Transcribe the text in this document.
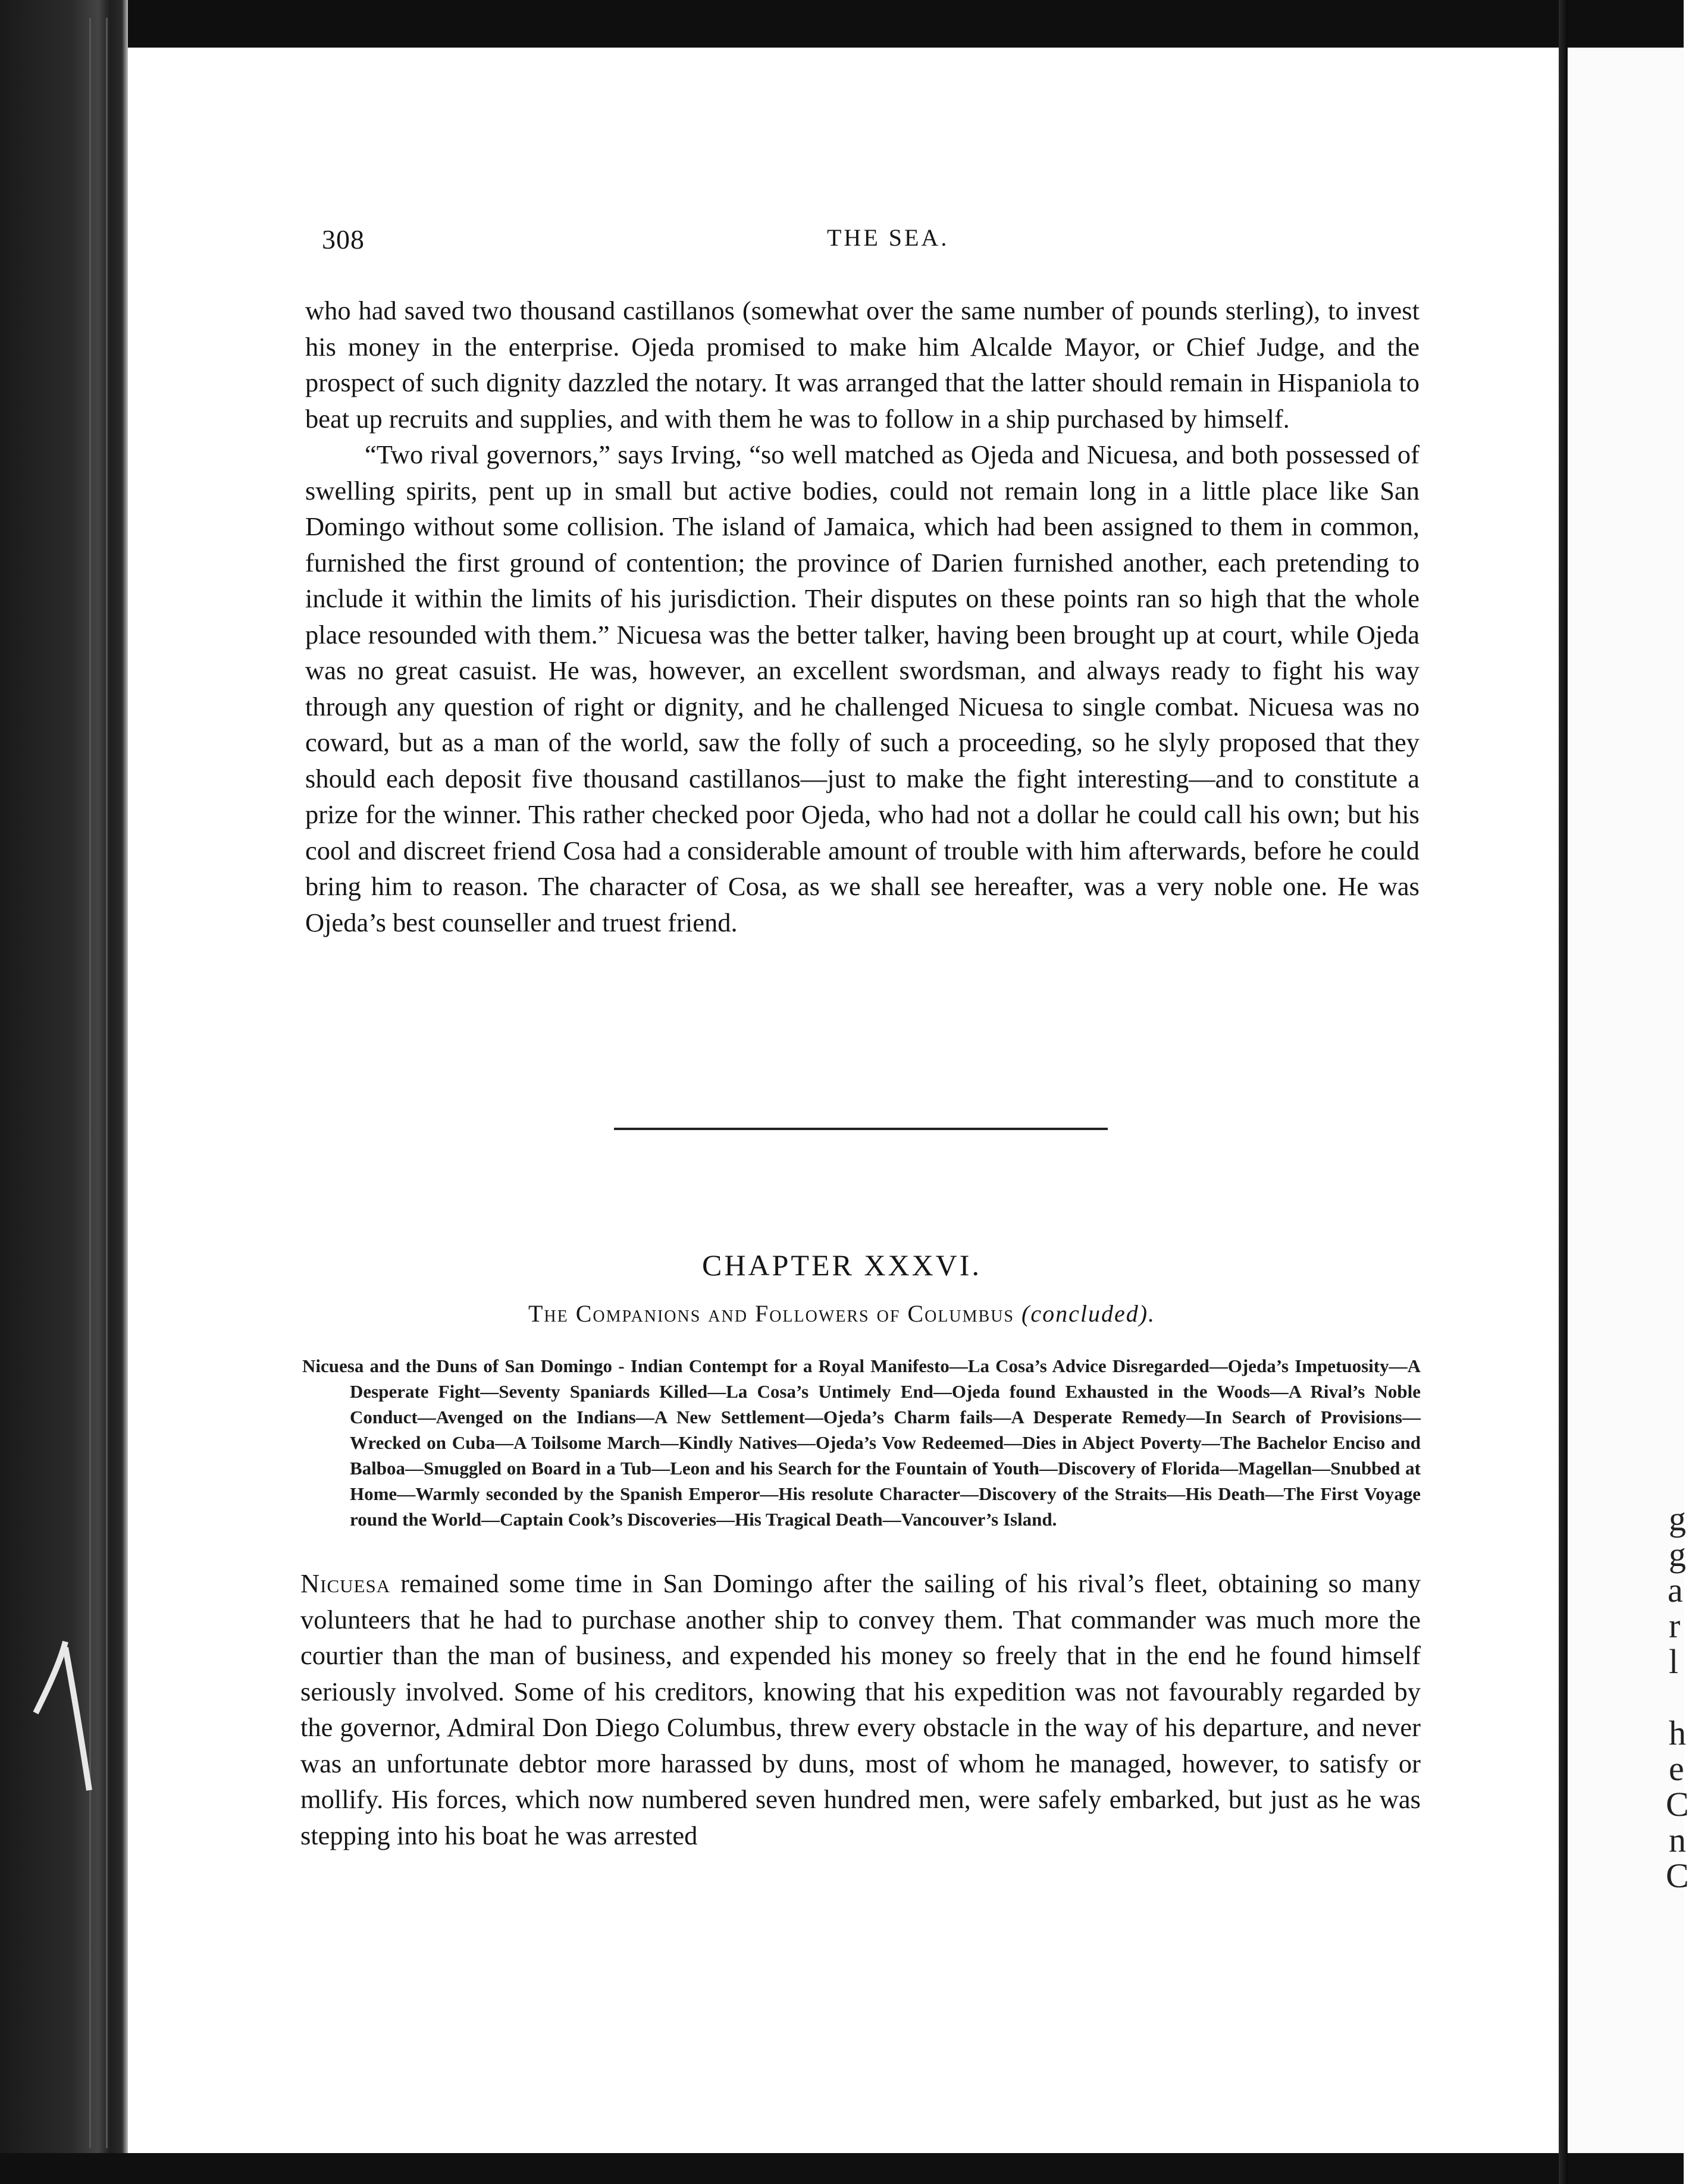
g
g
a
r
l
h
e
C
n
C
308	THE SEA.

who had saved two thousand castillanos (somewhat over the same number of pounds sterling), to invest his money in the enterprise. Ojeda promised to make him Alcalde Mayor, or Chief Judge, and the prospect of such dignity dazzled the notary. It was arranged that the latter should remain in Hispaniola to beat up recruits and supplies, and with them he was to follow in a ship purchased by himself.

“Two rival governors,” says Irving, “so well matched as Ojeda and Nicuesa, and both possessed of swelling spirits, pent up in small but active bodies, could not remain long in a little place like San Domingo without some collision. The island of Jamaica, which had been assigned to them in common, furnished the first ground of contention; the province of Darien furnished another, each pretending to include it within the limits of his jurisdiction. Their disputes on these points ran so high that the whole place resounded with them.” Nicuesa was the better talker, having been brought up at court, while Ojeda was no great casuist. He was, however, an excellent swordsman, and always ready to fight his way through any question of right or dignity, and he challenged Nicuesa to single combat. Nicuesa was no coward, but as a man of the world, saw the folly of such a proceeding, so he slyly proposed that they should each deposit five thousand castillanos—just to make the fight interesting—and to constitute a prize for the winner. This rather checked poor Ojeda, who had not a dollar he could call his own; but his cool and discreet friend Cosa had a considerable amount of trouble with him afterwards, before he could bring him to reason. The character of Cosa, as we shall see hereafter, was a very noble one. He was Ojeda’s best counseller and truest friend.

CHAPTER XXXVI.
The Companions and Followers of Columbus (concluded).
Nicuesa and the Duns of San Domingo - Indian Contempt for a Royal Manifesto—La Cosa’s Advice Disregarded—Ojeda’s Impetuosity—A Desperate Fight—Seventy Spaniards Killed—La Cosa’s Untimely End—Ojeda found Exhausted in the Woods—A Rival’s Noble Conduct—Avenged on the Indians—A New Settlement—Ojeda’s Charm fails—A Desperate Remedy—In Search of Provisions—Wrecked on Cuba—A Toilsome March—Kindly Natives—Ojeda’s Vow Redeemed—Dies in Abject Poverty—The Bachelor Enciso and Balboa—Smuggled on Board in a Tub—Leon and his Search for the Fountain of Youth—Discovery of Florida—Magellan—Snubbed at Home—Warmly seconded by the Spanish Emperor—His resolute Character—Discovery of the Straits—His Death—The First Voyage round the World—Captain Cook’s Discoveries—His Tragical Death—Vancouver’s Island.

Nicuesa remained some time in San Domingo after the sailing of his rival’s fleet, obtaining so many volunteers that he had to purchase another ship to convey them. That commander was much more the courtier than the man of business, and expended his money so freely that in the end he found himself seriously involved. Some of his creditors, knowing that his expedition was not favourably regarded by the governor, Admiral Don Diego Columbus, threw every obstacle in the way of his departure, and never was an unfortunate debtor more harassed by duns, most of whom he managed, however, to satisfy or mollify. His forces, which now numbered seven hundred men, were safely embarked, but just as he was stepping into his boat he was arrested
